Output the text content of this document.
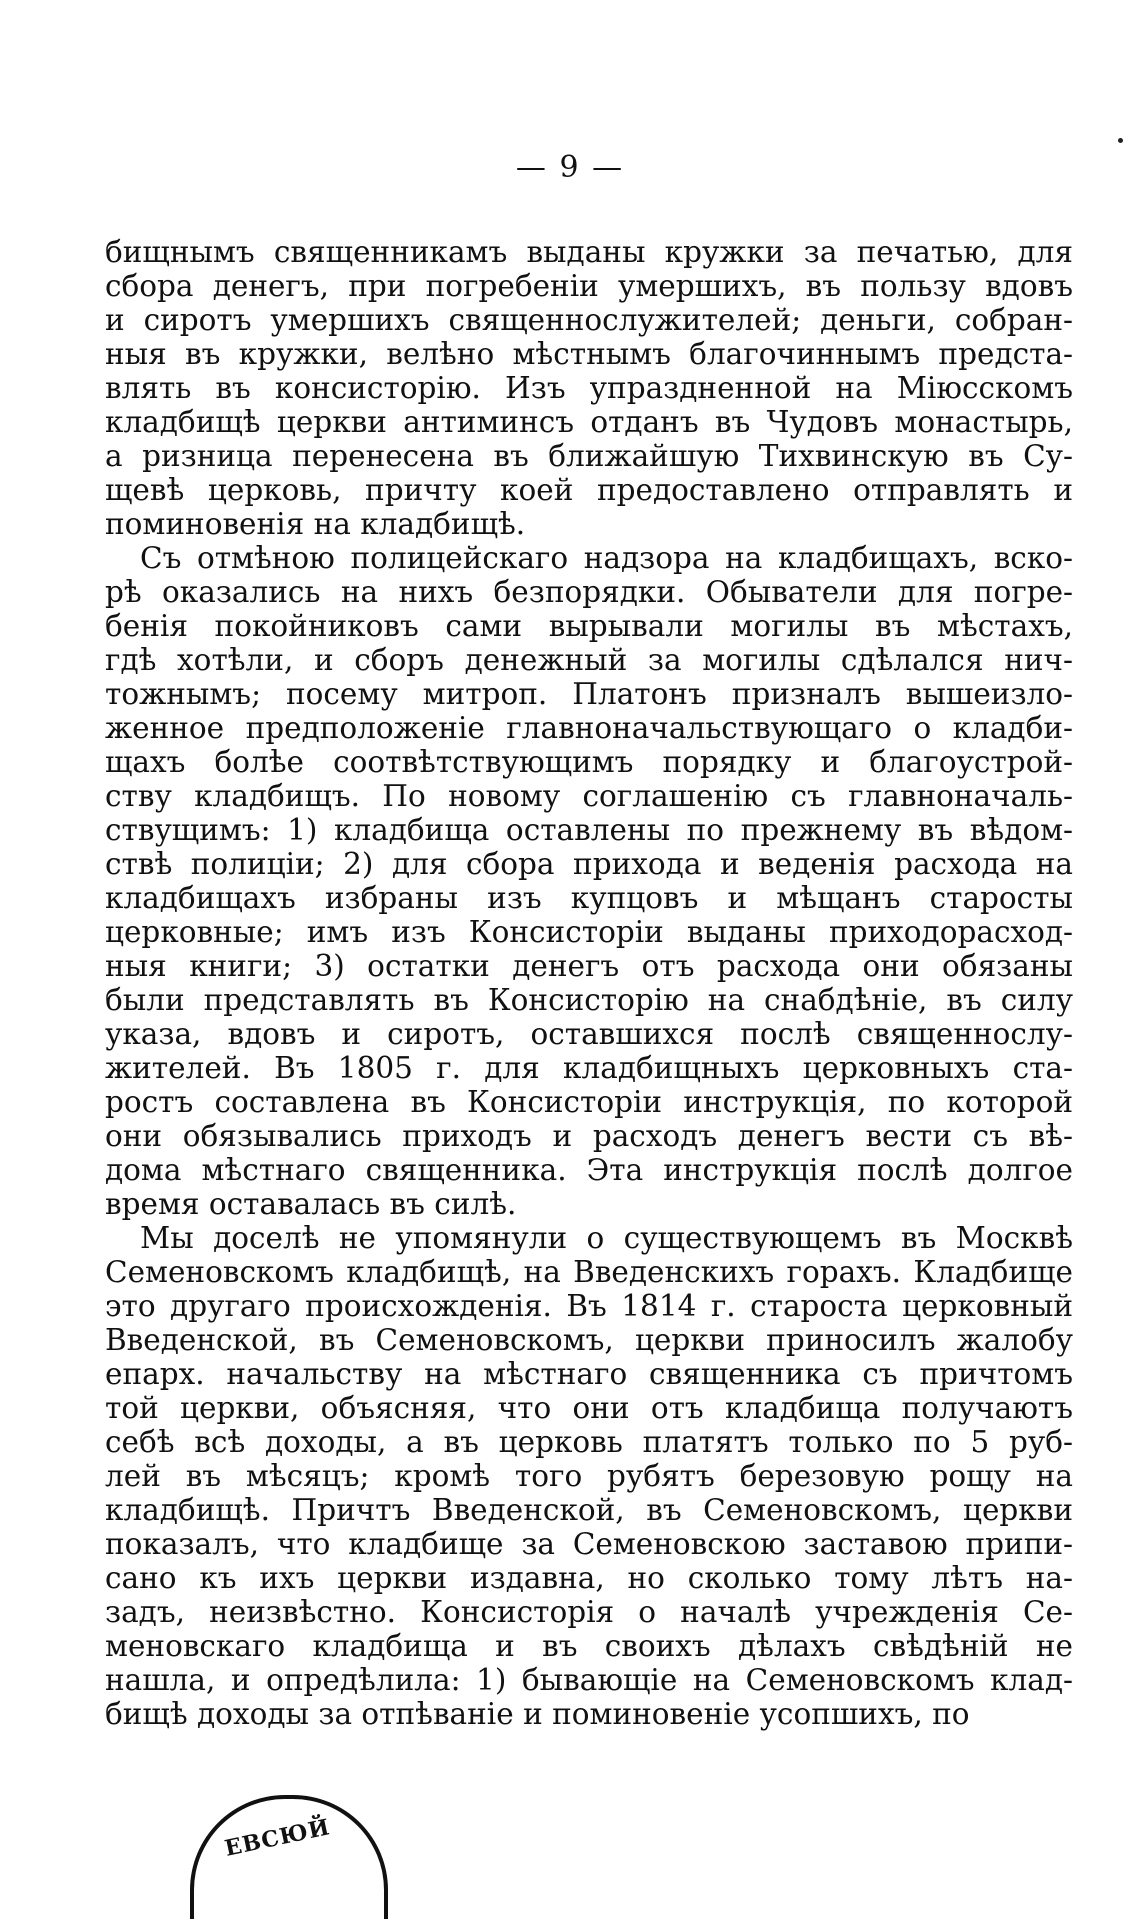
— 9 —
бищнымъ священникамъ выданы кружки за печатью, для
сбора денегъ, при погребеніи умершихъ, въ пользу вдовъ
и сиротъ умершихъ священнослужителей; деньги, собран-
ныя въ кружки, велѣно мѣстнымъ благочиннымъ предста-
влять въ консисторію. Изъ упраздненной на Міюсскомъ
кладбищѣ церкви антиминсъ отданъ въ Чудовъ монастырь,
а ризница перенесена въ ближайшую Тихвинскую въ Су-
щевѣ церковь, причту коей предоставлено отправлять и
поминовенія на кладбищѣ.
Съ отмѣною полицейскаго надзора на кладбищахъ, вско-
рѣ оказались на нихъ безпорядки. Обыватели для погре-
бенія покойниковъ сами вырывали могилы въ мѣстахъ,
гдѣ хотѣли, и сборъ денежный за могилы сдѣлался нич-
тожнымъ; посему митроп. Платонъ призналъ вышеизло-
женное предположеніе главноначальствующаго о кладби-
щахъ болѣе соотвѣтствующимъ порядку и благоустрой-
ству кладбищъ. По новому соглашенію съ главноначаль-
ствущимъ: 1) кладбища оставлены по прежнему въ вѣдом-
ствѣ полиціи; 2) для сбора прихода и веденія расхода на
кладбищахъ избраны изъ купцовъ и мѣщанъ старосты
церковные; имъ изъ Консисторіи выданы приходорасход-
ныя книги; 3) остатки денегъ отъ расхода они обязаны
были представлять въ Консисторію на снабдѣніе, въ силу
указа, вдовъ и сиротъ, оставшихся послѣ священнослу-
жителей. Въ 1805 г. для кладбищныхъ церковныхъ ста-
ростъ составлена въ Консисторіи инструкція, по которой
они обязывались приходъ и расходъ денегъ вести съ вѣ-
дома мѣстнаго священника. Эта инструкція послѣ долгое
время оставалась въ силѣ.
Мы доселѣ не упомянули о существующемъ въ Москвѣ
Семеновскомъ кладбищѣ, на Введенскихъ горахъ. Кладбище
это другаго происхожденія. Въ 1814 г. староста церковный
Введенской, въ Семеновскомъ, церкви приносилъ жалобу
епарх. начальству на мѣстнаго священника съ причтомъ
той церкви, объясняя, что они отъ кладбища получаютъ
себѣ всѣ доходы, а въ церковь платятъ только по 5 руб-
лей въ мѣсяцъ; кромѣ того рубятъ березовую рощу на
кладбищѣ. Причтъ Введенской, въ Семеновскомъ, церкви
показалъ, что кладбище за Семеновскою заставою припи-
сано къ ихъ церкви издавна, но сколько тому лѣтъ на-
задъ, неизвѣстно. Консисторія о началѣ учрежденія Се-
меновскаго кладбища и въ своихъ дѣлахъ свѣдѣній не
нашла, и опредѣлила: 1) бывающіе на Семеновскомъ клад-
бищѣ доходы за отпѣваніе и поминовеніе усопшихъ, по
ЕВСЮЙ
